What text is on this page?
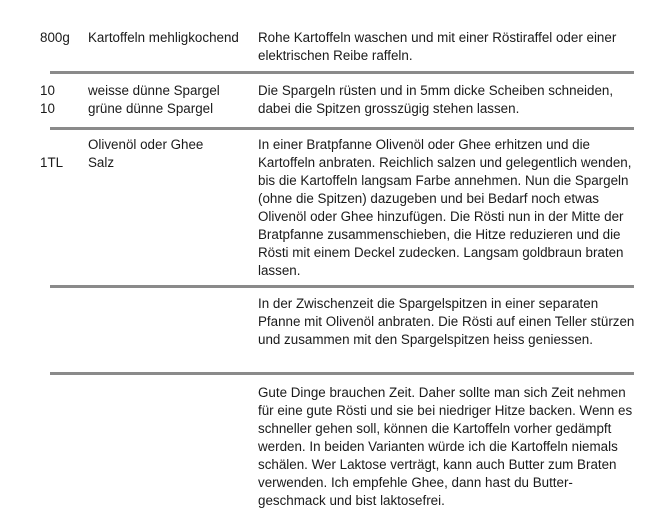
800g	Kartoffeln mehligkochend	Rohe Kartoffeln waschen und mit einer Röstiraffel oder einer elektrischen Reibe raffeln.

10
10
weisse dünne Spargel
grüne dünne Spargel

Die Spargeln rüsten und in 5mm dicke Scheiben schneiden, dabei die Spitzen grosszügig stehen lassen.

1TL
Olivenöl oder Ghee
Salz

In einer Bratpfanne Olivenöl oder Ghee erhitzen und die Kartoffeln anbraten. Reichlich salzen und gelegentlich wenden, bis die Kartoffeln langsam Farbe annehmen. Nun die Spargeln (ohne die Spitzen) dazugeben und bei Bedarf noch etwas Olivenöl oder Ghee hinzufügen. Die Rösti nun in der Mitte der Bratpfanne zusammenschieben, die Hitze reduzieren und die Rösti mit einem Deckel zudecken. Langsam goldbraun braten lassen.

In der Zwischenzeit die Spargelspitzen in einer separaten Pfanne mit Olivenöl anbraten. Die Rösti auf einen Teller stürzen und zusammen mit den Spargelspitzen heiss geniessen.

Gute Dinge brauchen Zeit. Daher sollte man sich Zeit nehmen für eine gute Rösti und sie bei niedriger Hitze backen. Wenn es schneller gehen soll, können die Kartoffeln vorher gedämpft werden. In beiden Varianten würde ich die Kartoffeln niemals schälen. Wer Laktose verträgt, kann auch Butter zum Braten verwenden. Ich empfehle Ghee, dann hast du Butter-geschmack und bist laktosefrei.
